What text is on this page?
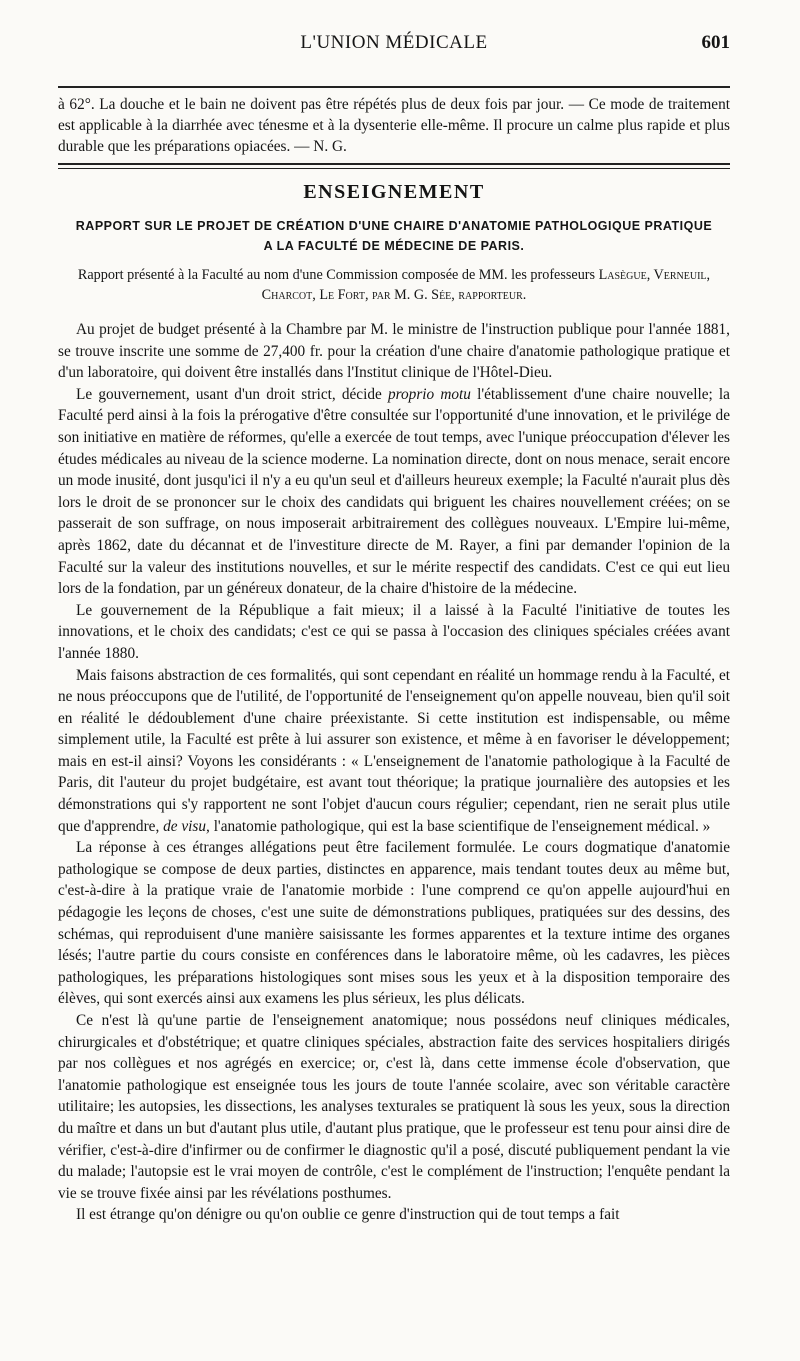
L'UNION MÉDICALE	601

à 62°. La douche et le bain ne doivent pas être répétés plus de deux fois par jour. — Ce mode de traitement est applicable à la diarrhée avec ténesme et à la dysenterie elle-même. Il procure un calme plus rapide et plus durable que les préparations opiacées. — N. G.

ENSEIGNEMENT
RAPPORT SUR LE PROJET DE CRÉATION D'UNE CHAIRE D'ANATOMIE PATHOLOGIQUE PRATIQUE
A LA FACULTÉ DE MÉDECINE DE PARIS.
Rapport présenté à la Faculté au nom d'une Commission composée de MM. les professeurs Lasègue, Verneuil, Charcot, Le Fort, par M. G. Sée, rapporteur.

Au projet de budget présenté à la Chambre par M. le ministre de l'instruction publique pour l'année 1881, se trouve inscrite une somme de 27,400 fr. pour la création d'une chaire d'anatomie pathologique pratique et d'un laboratoire, qui doivent être installés dans l'Institut clinique de l'Hôtel-Dieu.

Le gouvernement, usant d'un droit strict, décide proprio motu l'établissement d'une chaire nouvelle; la Faculté perd ainsi à la fois la prérogative d'être consultée sur l'opportunité d'une innovation, et le privilége de son initiative en matière de réformes, qu'elle a exercée de tout temps, avec l'unique préoccupation d'élever les études médicales au niveau de la science moderne. La nomination directe, dont on nous menace, serait encore un mode inusité, dont jusqu'ici il n'y a eu qu'un seul et d'ailleurs heureux exemple; la Faculté n'aurait plus dès lors le droit de se prononcer sur le choix des candidats qui briguent les chaires nouvellement créées; on se passerait de son suffrage, on nous imposerait arbitrairement des collègues nouveaux. L'Empire lui-même, après 1862, date du décannat et de l'investiture directe de M. Rayer, a fini par demander l'opinion de la Faculté sur la valeur des institutions nouvelles, et sur le mérite respectif des candidats. C'est ce qui eut lieu lors de la fondation, par un généreux donateur, de la chaire d'histoire de la médecine.

Le gouvernement de la République a fait mieux; il a laissé à la Faculté l'initiative de toutes les innovations, et le choix des candidats; c'est ce qui se passa à l'occasion des cliniques spéciales créées avant l'année 1880.

Mais faisons abstraction de ces formalités, qui sont cependant en réalité un hommage rendu à la Faculté, et ne nous préoccupons que de l'utilité, de l'opportunité de l'enseignement qu'on appelle nouveau, bien qu'il soit en réalité le dédoublement d'une chaire préexistante. Si cette institution est indispensable, ou même simplement utile, la Faculté est prête à lui assurer son existence, et même à en favoriser le développement; mais en est-il ainsi? Voyons les considérants : « L'enseignement de l'anatomie pathologique à la Faculté de Paris, dit l'auteur du projet budgétaire, est avant tout théorique; la pratique journalière des autopsies et les démonstrations qui s'y rapportent ne sont l'objet d'aucun cours régulier; cependant, rien ne serait plus utile que d'apprendre, de visu, l'anatomie pathologique, qui est la base scientifique de l'enseignement médical. »

La réponse à ces étranges allégations peut être facilement formulée. Le cours dogmatique d'anatomie pathologique se compose de deux parties, distinctes en apparence, mais tendant toutes deux au même but, c'est-à-dire à la pratique vraie de l'anatomie morbide : l'une comprend ce qu'on appelle aujourd'hui en pédagogie les leçons de choses, c'est une suite de démonstrations publiques, pratiquées sur des dessins, des schémas, qui reproduisent d'une manière saisissante les formes apparentes et la texture intime des organes lésés; l'autre partie du cours consiste en conférences dans le laboratoire même, où les cadavres, les pièces pathologiques, les préparations histologiques sont mises sous les yeux et à la disposition temporaire des élèves, qui sont exercés ainsi aux examens les plus sérieux, les plus délicats.

Ce n'est là qu'une partie de l'enseignement anatomique; nous possédons neuf cliniques médicales, chirurgicales et d'obstétrique; et quatre cliniques spéciales, abstraction faite des services hospitaliers dirigés par nos collègues et nos agrégés en exercice; or, c'est là, dans cette immense école d'observation, que l'anatomie pathologique est enseignée tous les jours de toute l'année scolaire, avec son véritable caractère utilitaire; les autopsies, les dissections, les analyses texturales se pratiquent là sous les yeux, sous la direction du maître et dans un but d'autant plus utile, d'autant plus pratique, que le professeur est tenu pour ainsi dire de vérifier, c'est-à-dire d'infirmer ou de confirmer le diagnostic qu'il a posé, discuté publiquement pendant la vie du malade; l'autopsie est le vrai moyen de contrôle, c'est le complément de l'instruction; l'enquête pendant la vie se trouve fixée ainsi par les révélations posthumes.

Il est étrange qu'on dénigre ou qu'on oublie ce genre d'instruction qui de tout temps a fait
